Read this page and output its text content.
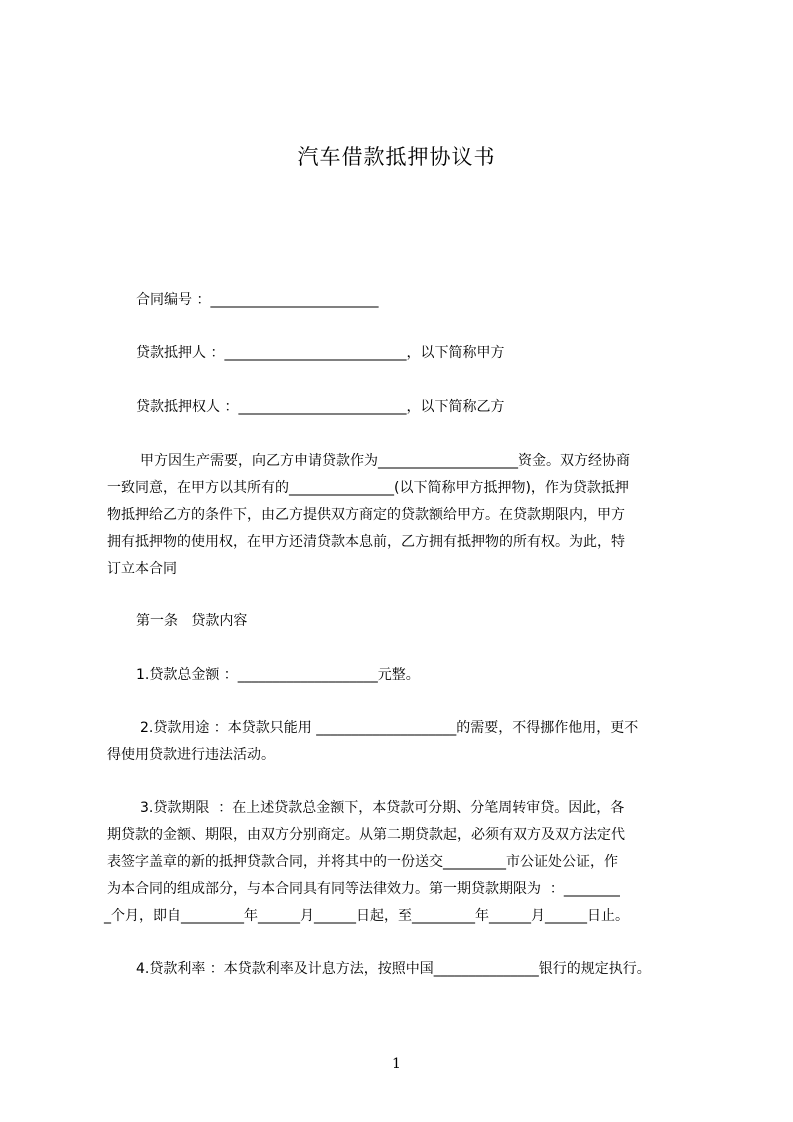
汽车借款抵押协议书
合同编号 ：________________________
贷款抵押人 ：__________________________，以下简称甲方
贷款抵押权人 ：________________________，以下简称乙方
甲方因生产需要，向乙方申请贷款作为____________________资金。双方经协商
一致同意，在甲方以其所有的_______________(以下简称甲方抵押物)，作为贷款抵押
物抵押给乙方的条件下，由乙方提供双方商定的贷款额给甲方。在贷款期限内，甲方
拥有抵押物的使用权，在甲方还清贷款本息前，乙方拥有抵押物的所有权。为此，特
订立本合同
第一条   贷款内容
1.贷款总金额 ：____________________元整。
2.贷款用途 ：本贷款只能用 ____________________的需要，不得挪作他用，更不
得使用贷款进行违法活动。
3.贷款期限  ：在上述贷款总金额下，本贷款可分期、分笔周转审贷。因此，各
期贷款的金额、期限，由双方分别商定。从第二期贷款起，必须有双方及双方法定代
表签字盖章的新的抵押贷款合同，并将其中的一份送交_________市公证处公证，作
为本合同的组成部分，与本合同具有同等法律效力。第一期贷款期限为  ：________
_个月，即自_________年______月______日起，至_________年______月______日止。
4.贷款利率 ：本贷款利率及计息方法，按照中国_______________银行的规定执行。
1
